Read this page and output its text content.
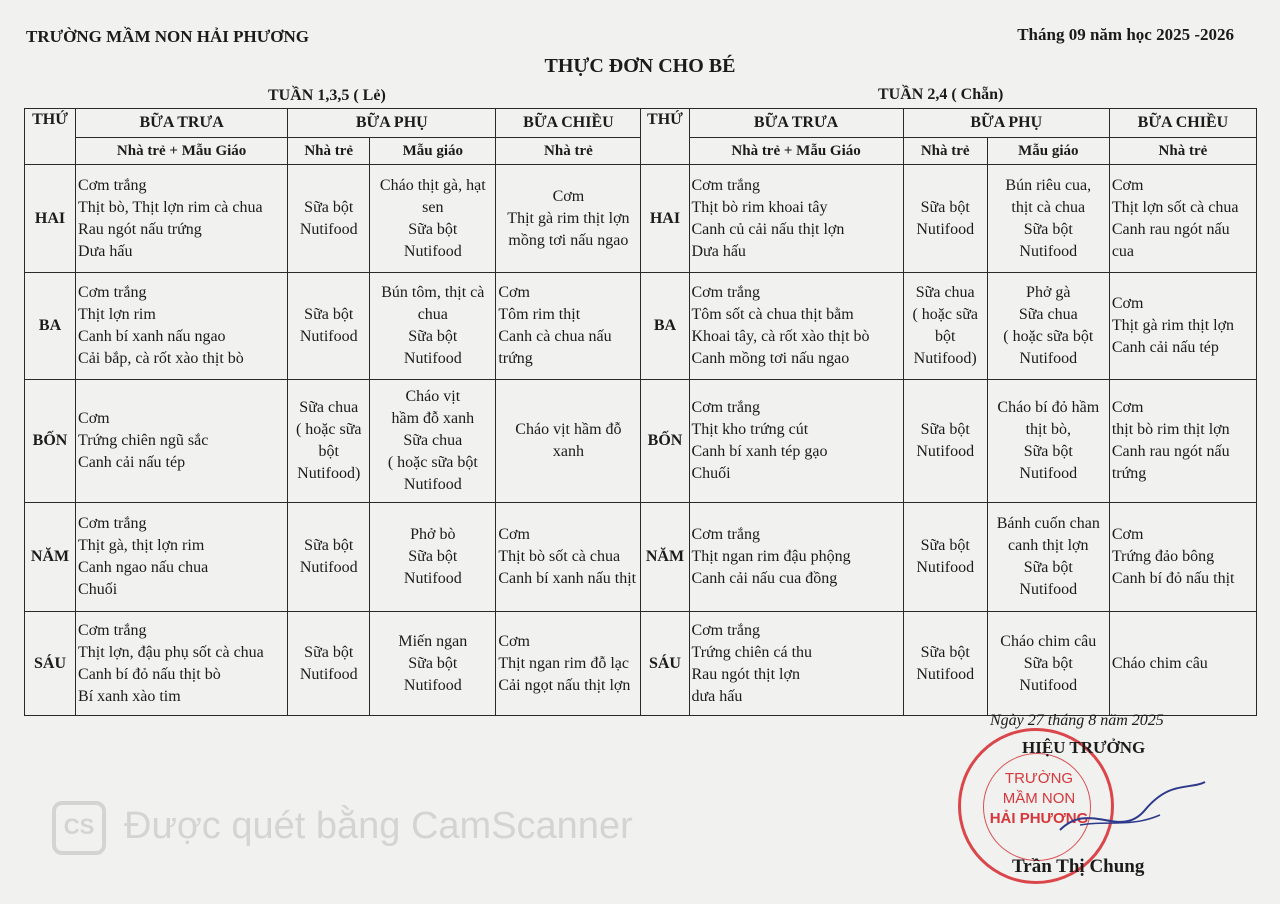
TRƯỜNG MẦM NON HẢI PHƯƠNG	Tháng 09 năm học 2025 -2026
THỰC ĐƠN CHO BÉ
TUẦN 1,3,5 ( Lẻ)	TUẦN 2,4 ( Chẵn)
THỨ	BỮA TRƯA	BỮA PHỤ		BỮA CHIỀU	THỨ	BỮA TRƯA	BỮA PHỤ		BỮA CHIỀU
	Nhà trẻ + Mẫu Giáo	Nhà trẻ	Mẫu giáo	Nhà trẻ		Nhà trẻ + Mẫu Giáo	Nhà trẻ	Mẫu giáo	Nhà trẻ
HAI	Cơm trắng
Thịt bò, Thịt lợn rim cà chua
Rau ngót nấu trứng
Dưa hấu	Sữa bột
Nutifood	Cháo thịt gà, hạt sen
Sữa bột
Nutifood	Cơm
Thịt gà rim thịt lợn mồng tơi nấu ngao	HAI	Cơm trắng
Thịt bò rim khoai tây
Canh củ cải nấu thịt lợn
Dưa hấu	Sữa bột
Nutifood	Bún riêu cua,
thịt cà chua
Sữa bột
Nutifood	Cơm
Thịt lợn sốt cà chua
Canh rau ngót nấu cua

BA	Cơm trắng
Thịt lợn rim
Canh bí xanh nấu ngao
Cải bắp, cà rốt xào thịt bò	Sữa bột
Nutifood	Bún tôm, thịt cà chua
Sữa bột
Nutifood	Cơm
Tôm rim thịt
Canh cà chua nấu trứng	BA	Cơm trắng
Tôm sốt cà chua thịt bằm
Khoai tây, cà rốt xào thịt bò
Canh mồng tơi nấu ngao	Sữa chua
( hoặc sữa
bột
Nutifood)	Phở gà
Sữa chua
( hoặc sữa bột
Nutifood	Cơm
Thịt gà rim thịt lợn
Canh cải nấu tép

BỐN	Cơm
Trứng chiên ngũ sắc
Canh cải nấu tép	Sữa chua
( hoặc sữa
bột
Nutifood)	Cháo vịt
hầm đỗ xanh
Sữa chua
( hoặc sữa bột
Nutifood	Cháo vịt hầm đỗ xanh	BỐN	Cơm trắng
Thịt kho trứng cút
Canh bí xanh tép gạo
Chuối	Sữa bột
Nutifood	Cháo bí đỏ hầm
thịt bò,
Sữa bột
Nutifood	Cơm
thịt bò rim thịt lợn
Canh rau ngót nấu trứng

NĂM	Cơm trắng
Thịt gà, thịt lợn rim
Canh ngao nấu chua
Chuối	Sữa bột
Nutifood	Phở bò
Sữa bột
Nutifood	Cơm
Thịt bò sốt cà chua
Canh bí xanh nấu thịt	NĂM	Cơm trắng
Thịt ngan rim đậu phộng
Canh cải nấu cua đồng	Sữa bột
Nutifood	Bánh cuốn chan
canh thịt lợn
Sữa bột
Nutifood	Cơm
Trứng đảo bông
Canh bí đỏ nấu thịt

SÁU	Cơm trắng
Thịt lợn, đậu phụ sốt cà chua
Canh bí đỏ nấu thịt bò
Bí xanh xào tim	Sữa bột
Nutifood	Miến ngan
Sữa bột
Nutifood	Cơm
Thịt ngan rim đỗ lạc
Cải ngọt nấu thịt lợn	SÁU	Cơm trắng
Trứng chiên cá thu
Rau ngót thịt lợn
dưa hấu	Sữa bột
Nutifood	Cháo chim câu
Sữa bột
Nutifood	Cháo chim câu
CS Được quét bằng CamScanner
TRƯỜNG
MẦM NON
HẢI PHƯƠNG
Ngày 27 tháng 8 năm 2025
HIỆU TRƯỞNG
Trần Thị Chung
